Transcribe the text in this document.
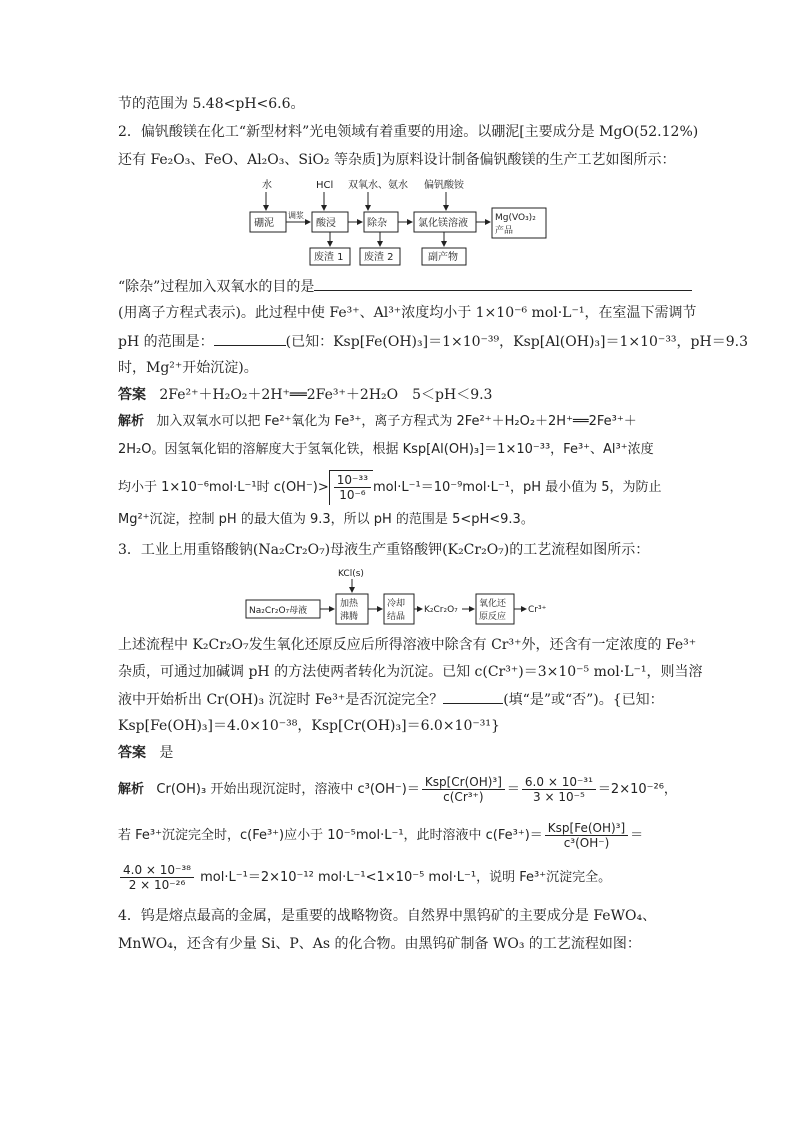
节的范围为 5.48<pH<6.6。
2．偏钒酸镁在化工“新型材料”光电领域有着重要的用途。以硼泥[主要成分是 MgO(52.12%)
还有 Fe₂O₃、FeO、Al₂O₃、SiO₂ 等杂质]为原料设计制备偏钒酸镁的生产工艺如图所示：
水	HCl 双氧水、氨水 偏钒酸铵
硼泥
调浆
酸浸	除杂	氯化镁溶液	Mg(VO₃)₂
产品
废渣 1 废渣 2	副产物
“除杂”过程加入双氧水的目的是
(用离子方程式表示)。此过程中使 Fe³⁺、Al³⁺浓度均小于 1×10⁻⁶ mol·L⁻¹，在室温下需调节
pH 的范围是：	(已知：Ksp[Fe(OH)₃]＝1×10⁻³⁹，Ksp[Al(OH)₃]＝1×10⁻³³，pH＝9.3
时，Mg²⁺开始沉淀)。
答案 2Fe²⁺＋H₂O₂＋2H⁺══2Fe³⁺＋2H₂O　5＜pH＜9.3
解析 加入双氧水可以把 Fe²⁺氧化为 Fe³⁺，离子方程式为 2Fe²⁺＋H₂O₂＋2H⁺══2Fe³⁺＋
2H₂O。因氢氧化铝的溶解度大于氢氧化铁，根据 Ksp[Al(OH)₃]＝1×10⁻³³，Fe³⁺、Al³⁺浓度
均小于 1×10⁻⁶mol·L⁻¹时 $c(OH^-)> \frac{\text{10⁻³³}}{\text{10⁻⁶}} mol\cdot L^{-1}=10^{-9}mol\cdot L^{-1}$，pH 最小值为 5，为防止
Mg²⁺沉淀，控制 pH 的最大值为 9.3，所以 pH 的范围是 5<pH<9.3。
3．工业上用重铬酸钠(Na₂Cr₂O₇)母液生产重铬酸钾(K₂Cr₂O₇)的工艺流程如图所示：
KCl(s)
Na₂Cr₂O₇母液
加热
沸腾
冷却
结晶
K₂Cr₂O₇
氧化还
原反应
Cr³⁺
上述流程中 K₂Cr₂O₇发生氧化还原反应后所得溶液中除含有 Cr³⁺外，还含有一定浓度的 Fe³⁺
杂质，可通过加碱调 pH 的方法使两者转化为沉淀。已知 c(Cr³⁺)＝3×10⁻⁵ mol·L⁻¹，则当溶
液中开始析出 Cr(OH)₃ 沉淀时 Fe³⁺是否沉淀完全？	(填“是”或“否”)。{已知：
Ksp[Fe(OH)₃]＝4.0×10⁻³⁸，Ksp[Cr(OH)₃]＝6.0×10⁻³¹}
答案 是
解析 Cr(OH)₃ 开始出现沉淀时，溶液中 $c^3(OH^-)= \frac{\text{Ksp[Cr(OH)³]}}{\text{c(Cr³⁺)}} = \frac{\text{6.0 × 10⁻³¹}}{\text{3 × 10⁻⁵}} =2\times 10^{-26}$，
若 Fe³⁺沉淀完全时，c(Fe³⁺)应小于 10⁻⁵mol·L⁻¹，此时溶液中 $c(Fe^{3+})= \frac{\text{Ksp[Fe(OH)³]}}{\text{c³(OH⁻)}}$ ＝
$\frac{\text{4.0 × 10⁻³⁸}}{\text{2 × 10⁻²⁶}} mol\cdot L^{-1}=2\times 10^{-12}$ mol·L⁻¹<1×10⁻⁵ mol·L⁻¹，说明 Fe³⁺沉淀完全。
4．钨是熔点最高的金属，是重要的战略物资。自然界中黑钨矿的主要成分是 FeWO₄、
MnWO₄，还含有少量 Si、P、As 的化合物。由黑钨矿制备 WO₃ 的工艺流程如图：
